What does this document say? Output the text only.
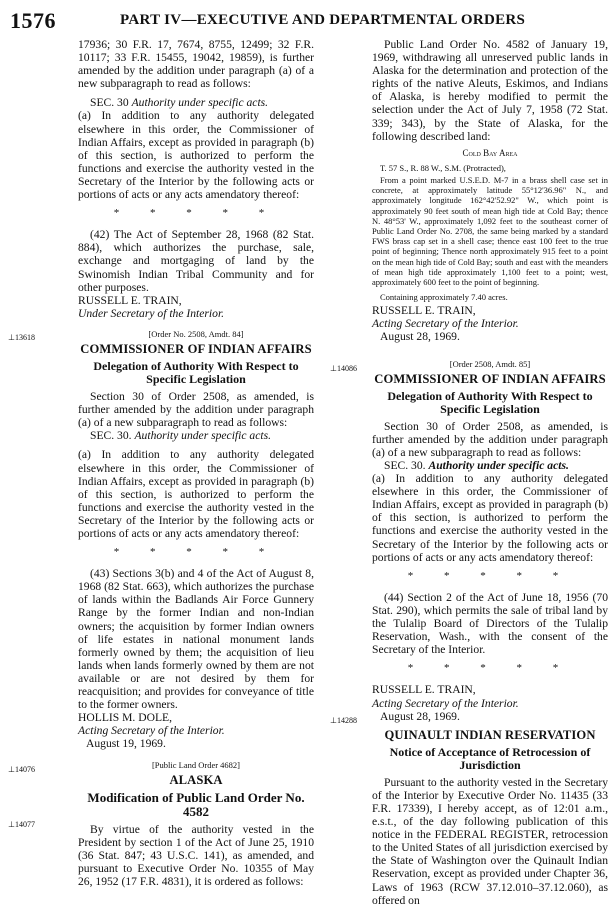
1576	PART IV—EXECUTIVE AND DEPARTMENTAL ORDERS
⊥13618
⊥14086
⊥14076
⊥14077
⊥14288

17936; 30 F.R. 17, 7674, 8755, 12499; 32 F.R. 10117; 33 F.R. 15455, 19042, 19859), is further amended by the addition under paragraph (a) of a new subparagraph to read as follows:

SEC. 30 Authority under specific acts.

(a) In addition to any authority delegated elsewhere in this order, the Commissioner of Indian Affairs, except as provided in paragraph (b) of this section, is authorized to perform the functions and exercise the authority vested in the Secretary of the Interior by the following acts or portions of acts or any acts amendatory thereof:

* * * * *

(42) The Act of September 28, 1968 (82 Stat. 884), which authorizes the purchase, sale, exchange and mortgaging of land by the Swinomish Indian Tribal Community and for other purposes.

RUSSELL E. TRAIN,

Under Secretary of the Interior.

[Order No. 2508, Amdt. 84]
COMMISSIONER OF INDIAN AFFAIRS
Delegation of Authority With Respect to Specific Legislation

Section 30 of Order 2508, as amended, is further amended by the addition under paragraph (a) of a new subparagraph to read as follows:

SEC. 30. Authority under specific acts.

(a) In addition to any authority delegated elsewhere in this order, the Commissioner of Indian Affairs, except as provided in paragraph (b) of this section, is authorized to perform the functions and exercise the authority vested in the Secretary of the Interior by the following acts or portions of acts or any acts amendatory thereof:

* * * * *

(43) Sections 3(b) and 4 of the Act of August 8, 1968 (82 Stat. 663), which authorizes the purchase of lands within the Badlands Air Force Gunnery Range by the former Indian and non-Indian owners; the acquisition by former Indian owners of life estates in national monument lands formerly owned by them; the acquisition of lieu lands when lands formerly owned by them are not available or are not desired by them for reacquisition; and provides for conveyance of title to the former owners.

HOLLIS M. DOLE,

Acting Secretary of the Interior.

August 19, 1969.

[Public Land Order 4682]
ALASKA
Modification of Public Land Order No. 4582

By virtue of the authority vested in the President by section 1 of the Act of June 25, 1910 (36 Stat. 847; 43 U.S.C. 141), as amended, and pursuant to Executive Order No. 10355 of May 26, 1952 (17 F.R. 4831), it is ordered as follows:

Public Land Order No. 4582 of January 19, 1969, withdrawing all unreserved public lands in Alaska for the determination and protection of the rights of the native Aleuts, Eskimos, and Indians of Alaska, is hereby modified to permit the selection under the Act of July 7, 1958 (72 Stat. 339; 343), by the State of Alaska, for the following described land:

Cold Bay Area

T. 57 S., R. 88 W., S.M. (Protracted),

From a point marked U.S.E.D. M-7 in a brass shell case set in concrete, at approximately latitude 55°12'36.96" N., and approximately longitude 162°42'52.92" W., which point is approximately 90 feet south of mean high tide at Cold Bay; thence N. 48°53' W., approximately 1,092 feet to the southeast corner of Public Land Order No. 2708, the same being marked by a standard FWS brass cap set in a shell case; thence east 100 feet to the true point of beginning; Thence north approximately 915 feet to a point on the mean high tide of Cold Bay; south and east with the meanders of mean high tide approximately 1,100 feet to a point; west, approximately 600 feet to the point of beginning.

Containing approximately 7.40 acres.

RUSSELL E. TRAIN,

Acting Secretary of the Interior.

August 28, 1969.

[Order 2508, Amdt. 85]
COMMISSIONER OF INDIAN AFFAIRS
Delegation of Authority With Respect to Specific Legislation

Section 30 of Order 2508, as amended, is further amended by the addition under paragraph (a) of a new subparagraph to read as follows:

SEC. 30. Authority under specific acts.

(a) In addition to any authority delegated elsewhere in this order, the Commissioner of Indian Affairs, except as provided in paragraph (b) of this section, is authorized to perform the functions and exercise the authority vested in the Secretary of the Interior by the following acts or portions of acts or any acts amendatory thereof:

* * * * *

(44) Section 2 of the Act of June 18, 1956 (70 Stat. 290), which permits the sale of tribal land by the Tulalip Board of Directors of the Tulalip Reservation, Wash., with the consent of the Secretary of the Interior.

* * * * *

RUSSELL E. TRAIN,

Acting Secretary of the Interior.

August 28, 1969.

QUINAULT INDIAN RESERVATION
Notice of Acceptance of Retrocession of Jurisdiction

Pursuant to the authority vested in the Secretary of the Interior by Executive Order No. 11435 (33 F.R. 17339), I hereby accept, as of 12:01 a.m., e.s.t., of the day following publication of this notice in the FEDERAL REGISTER, retrocession to the United States of all jurisdiction exercised by the State of Washington over the Quinault Indian Reservation, except as provided under Chapter 36, Laws of 1963 (RCW 37.12.010–37.12.060), as offered on
